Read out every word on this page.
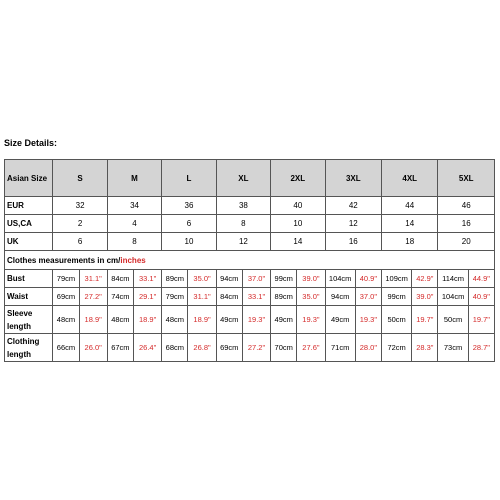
Size Details:
Asian Size	S		M		L		XL		2XL		3XL		4XL		5XL	
EUR	32		34		36		38		40		42		44		46	
US,CA	2		4		6		8		10		12		14		16	
UK	6		8		10		12		14		16		18		20	
Clothes measurements in cm/inches																
Bust	79cm	31.1"	84cm	33.1"	89cm	35.0"	94cm	37.0"	99cm	39.0"	104cm	40.9"	109cm	42.9"	114cm	44.9"
Waist	69cm	27.2"	74cm	29.1"	79cm	31.1"	84cm	33.1"	89cm	35.0"	94cm	37.0"	99cm	39.0"	104cm	40.9"
Sleeve length	48cm	18.9"	48cm	18.9"	48cm	18.9"	49cm	19.3"	49cm	19.3"	49cm	19.3"	50cm	19.7"	50cm	19.7"
Clothing length	66cm	26.0"	67cm	26.4"	68cm	26.8"	69cm	27.2"	70cm	27.6"	71cm	28.0"	72cm	28.3"	73cm	28.7"
